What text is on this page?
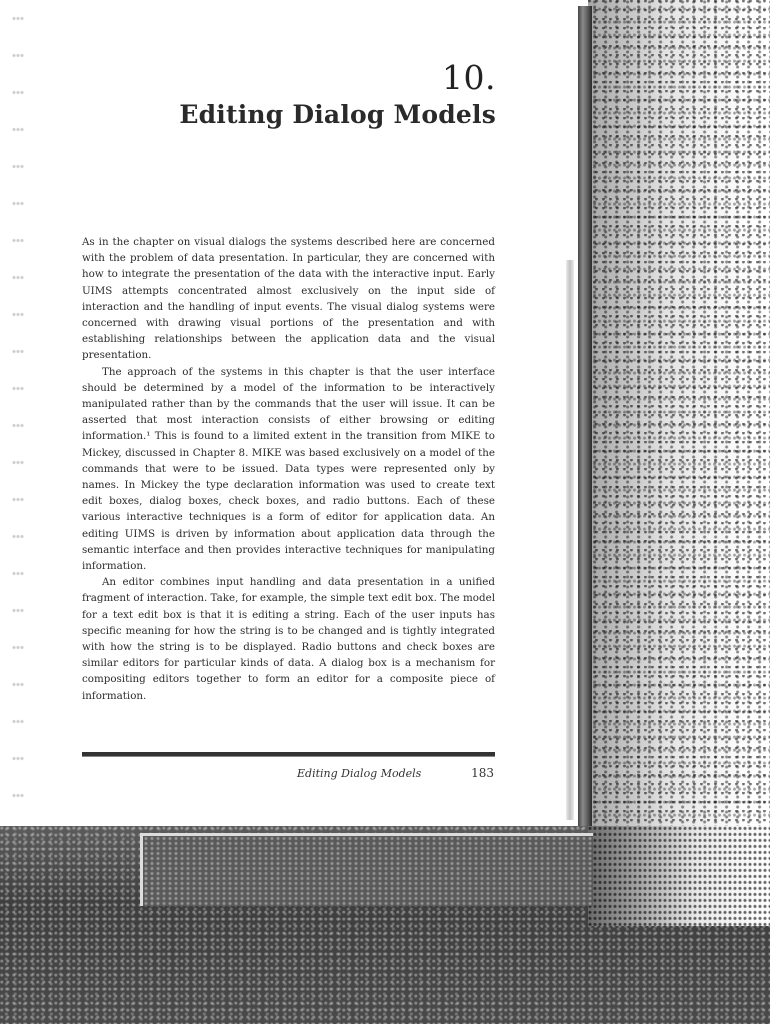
10.
Editing Dialog Models

As in the chapter on visual dialogs the systems described here are concerned with the problem of data presentation. In particular, they are concerned with how to integrate the presentation of the data with the interactive input. Early UIMS attempts concentrated almost exclusively on the input side of interaction and the handling of input events. The visual dialog systems were concerned with drawing visual portions of the presentation and with establishing relationships between the application data and the visual presentation.

The approach of the systems in this chapter is that the user interface should be determined by a model of the information to be interactively manipulated rather than by the commands that the user will issue. It can be asserted that most interaction consists of either browsing or editing information.¹ This is found to a limited extent in the transition from MIKE to Mickey, discussed in Chapter 8. MIKE was based exclusively on a model of the commands that were to be issued. Data types were represented only by names. In Mickey the type declaration information was used to create text edit boxes, dialog boxes, check boxes, and radio buttons. Each of these various interactive techniques is a form of editor for application data. An editing UIMS is driven by information about application data through the semantic interface and then provides interactive techniques for manipulating information.

An editor combines input handling and data presentation in a unified fragment of interaction. Take, for example, the simple text edit box. The model for a text edit box is that it is editing a string. Each of the user inputs has specific meaning for how the string is to be changed and is tightly integrated with how the string is to be displayed. Radio buttons and check boxes are similar editors for particular kinds of data. A dialog box is a mechanism for compositing editors together to form an editor for a composite piece of information.

Editing Dialog Models	183
